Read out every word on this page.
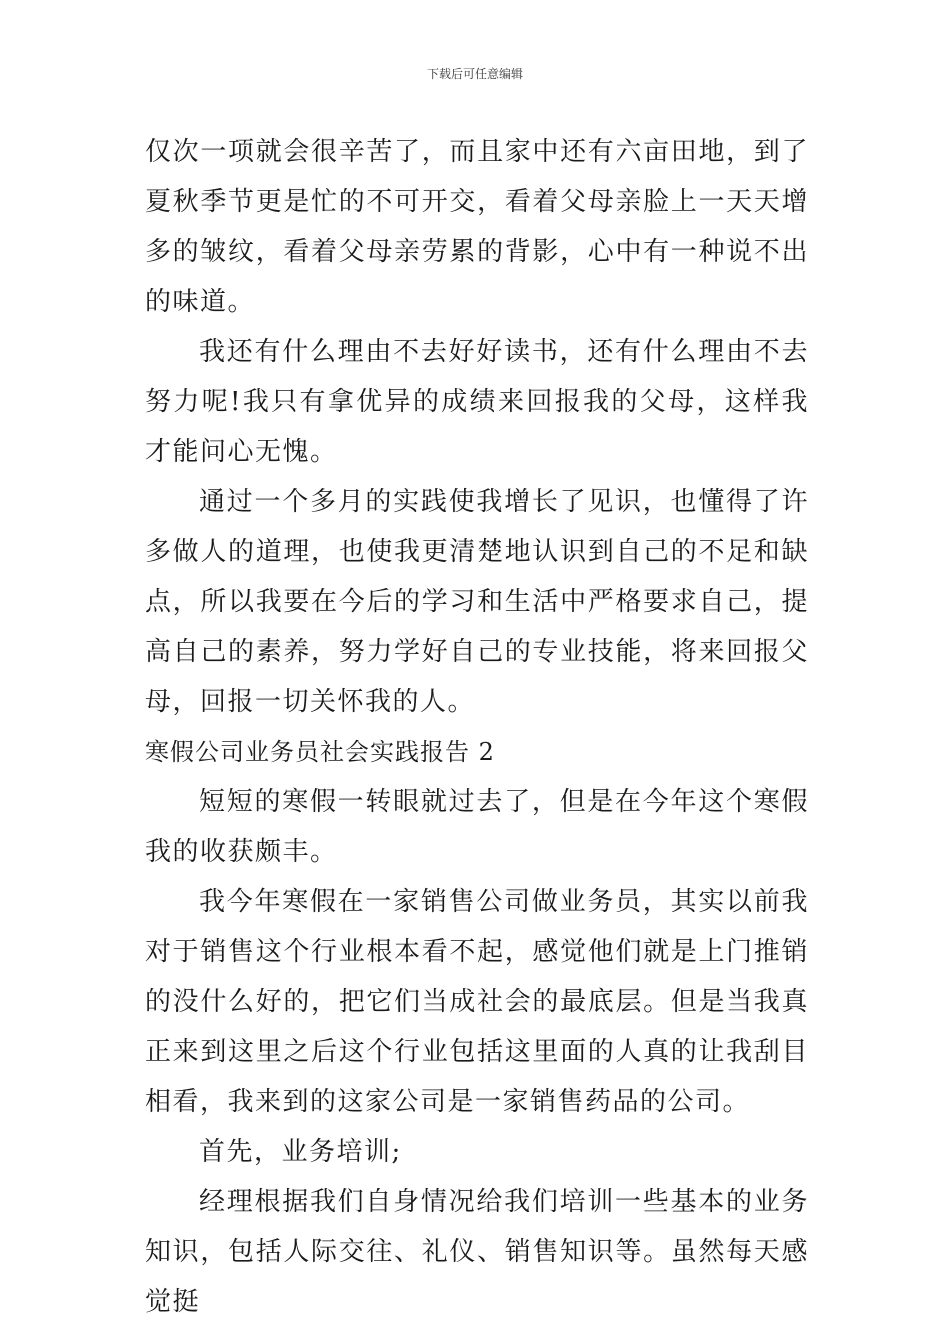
下载后可任意编辑

仅次一项就会很辛苦了，而且家中还有六亩田地，到了夏秋季节更是忙的不可开交，看着父母亲脸上一天天增多的皱纹，看着父母亲劳累的背影，心中有一种说不出的味道。

我还有什么理由不去好好读书，还有什么理由不去努力呢!我只有拿优异的成绩来回报我的父母，这样我才能问心无愧。

通过一个多月的实践使我增长了见识，也懂得了许多做人的道理，也使我更清楚地认识到自己的不足和缺点，所以我要在今后的学习和生活中严格要求自己，提高自己的素养，努力学好自己的专业技能，将来回报父母，回报一切关怀我的人。

寒假公司业务员社会实践报告 2

短短的寒假一转眼就过去了，但是在今年这个寒假我的收获颇丰。

我今年寒假在一家销售公司做业务员，其实以前我对于销售这个行业根本看不起，感觉他们就是上门推销的没什么好的，把它们当成社会的最底层。但是当我真正来到这里之后这个行业包括这里面的人真的让我刮目相看，我来到的这家公司是一家销售药品的公司。

首先，业务培训;

经理根据我们自身情况给我们培训一些基本的业务知识，包括人际交往、礼仪、销售知识等。虽然每天感觉挺
